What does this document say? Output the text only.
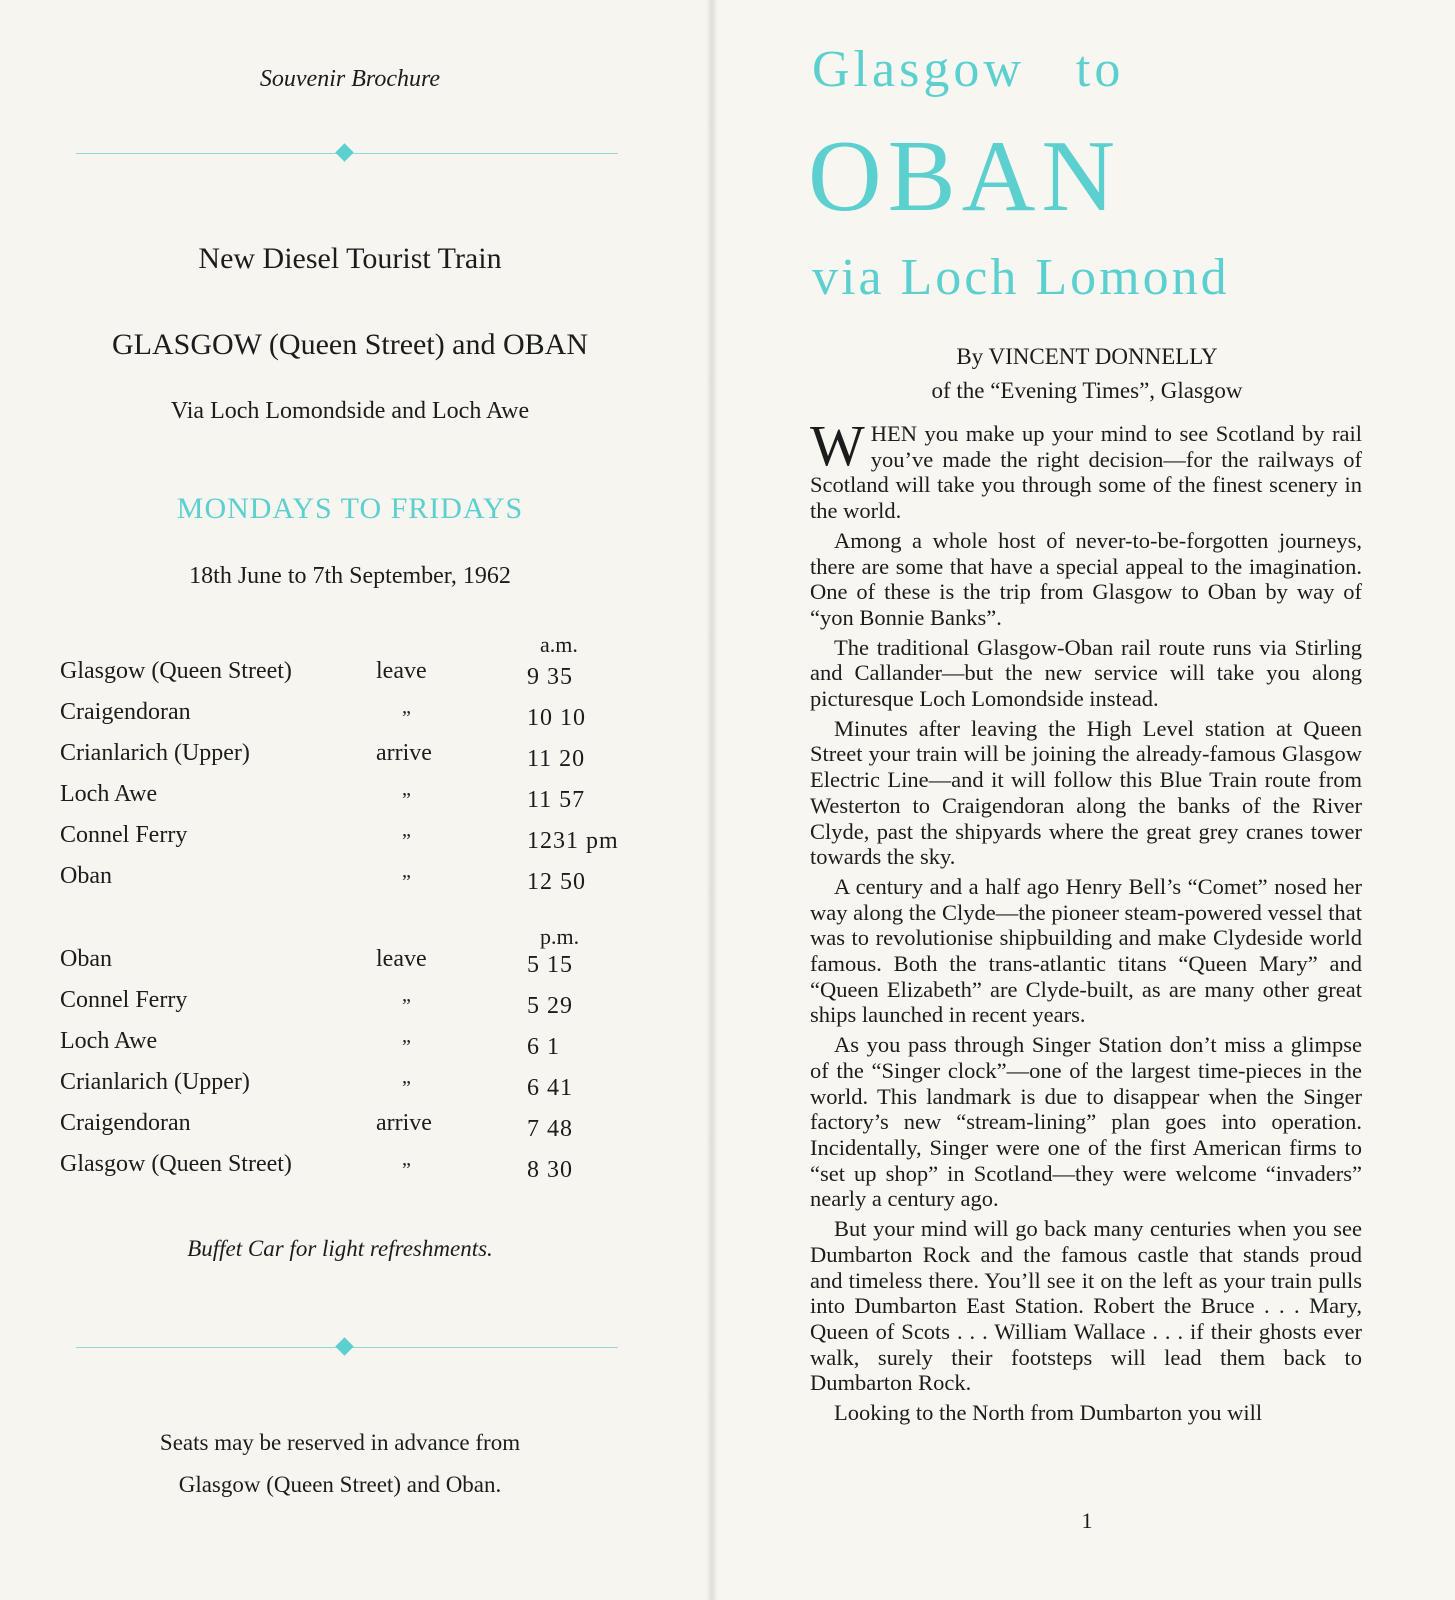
Souvenir Brochure
New Diesel Tourist Train
GLASGOW (Queen Street) and OBAN
Via Loch Lomondside and Loch Awe
MONDAYS TO FRIDAYS
18th June to 7th September, 1962
a.m.
Glasgow (Queen Street)	leave	9 35
Craigendoran	”	10 10
Crianlarich (Upper)	arrive	11 20
Loch Awe	”	11 57
Connel Ferry	”	1231 pm
Oban	”	12 50
p.m.
Oban	leave	5 15
Connel Ferry	”	5 29
Loch Awe	”	6 1
Crianlarich (Upper)	”	6 41
Craigendoran	arrive	7 48
Glasgow (Queen Street)	”	8 30
Buffet Car for light refreshments.
Seats may be reserved in advance from
Glasgow (Queen Street) and Oban.
Glasgow   to
OBAN
via Loch Lomond
By VINCENT DONNELLY
of the “Evening Times”, Glasgow

WHEN you make up your mind to see Scotland by rail you’ve made the right decision—for the railways of Scotland will take you through some of the finest scenery in the world.

Among a whole host of never-to-be-forgotten journeys, there are some that have a special appeal to the imagination. One of these is the trip from Glasgow to Oban by way of “yon Bonnie Banks”.

The traditional Glasgow-Oban rail route runs via Stirling and Callander—but the new service will take you along picturesque Loch Lomondside instead.

Minutes after leaving the High Level station at Queen Street your train will be joining the already-famous Glasgow Electric Line—and it will follow this Blue Train route from Westerton to Craigendoran along the banks of the River Clyde, past the shipyards where the great grey cranes tower towards the sky.

A century and a half ago Henry Bell’s “Comet” nosed her way along the Clyde—the pioneer steam-powered vessel that was to revolutionise shipbuilding and make Clydeside world famous. Both the trans-atlantic titans “Queen Mary” and “Queen Elizabeth” are Clyde-built, as are many other great ships launched in recent years.

As you pass through Singer Station don’t miss a glimpse of the “Singer clock”—one of the largest time-pieces in the world. This landmark is due to disappear when the Singer factory’s new “stream-lining” plan goes into operation. Incidentally, Singer were one of the first American firms to “set up shop” in Scotland—they were welcome “invaders” nearly a century ago.

But your mind will go back many centuries when you see Dumbarton Rock and the famous castle that stands proud and timeless there. You’ll see it on the left as your train pulls into Dumbarton East Station. Robert the Bruce . . . Mary, Queen of Scots . . . William Wallace . . . if their ghosts ever walk, surely their footsteps will lead them back to Dumbarton Rock.

Looking to the North from Dumbarton you will

1
